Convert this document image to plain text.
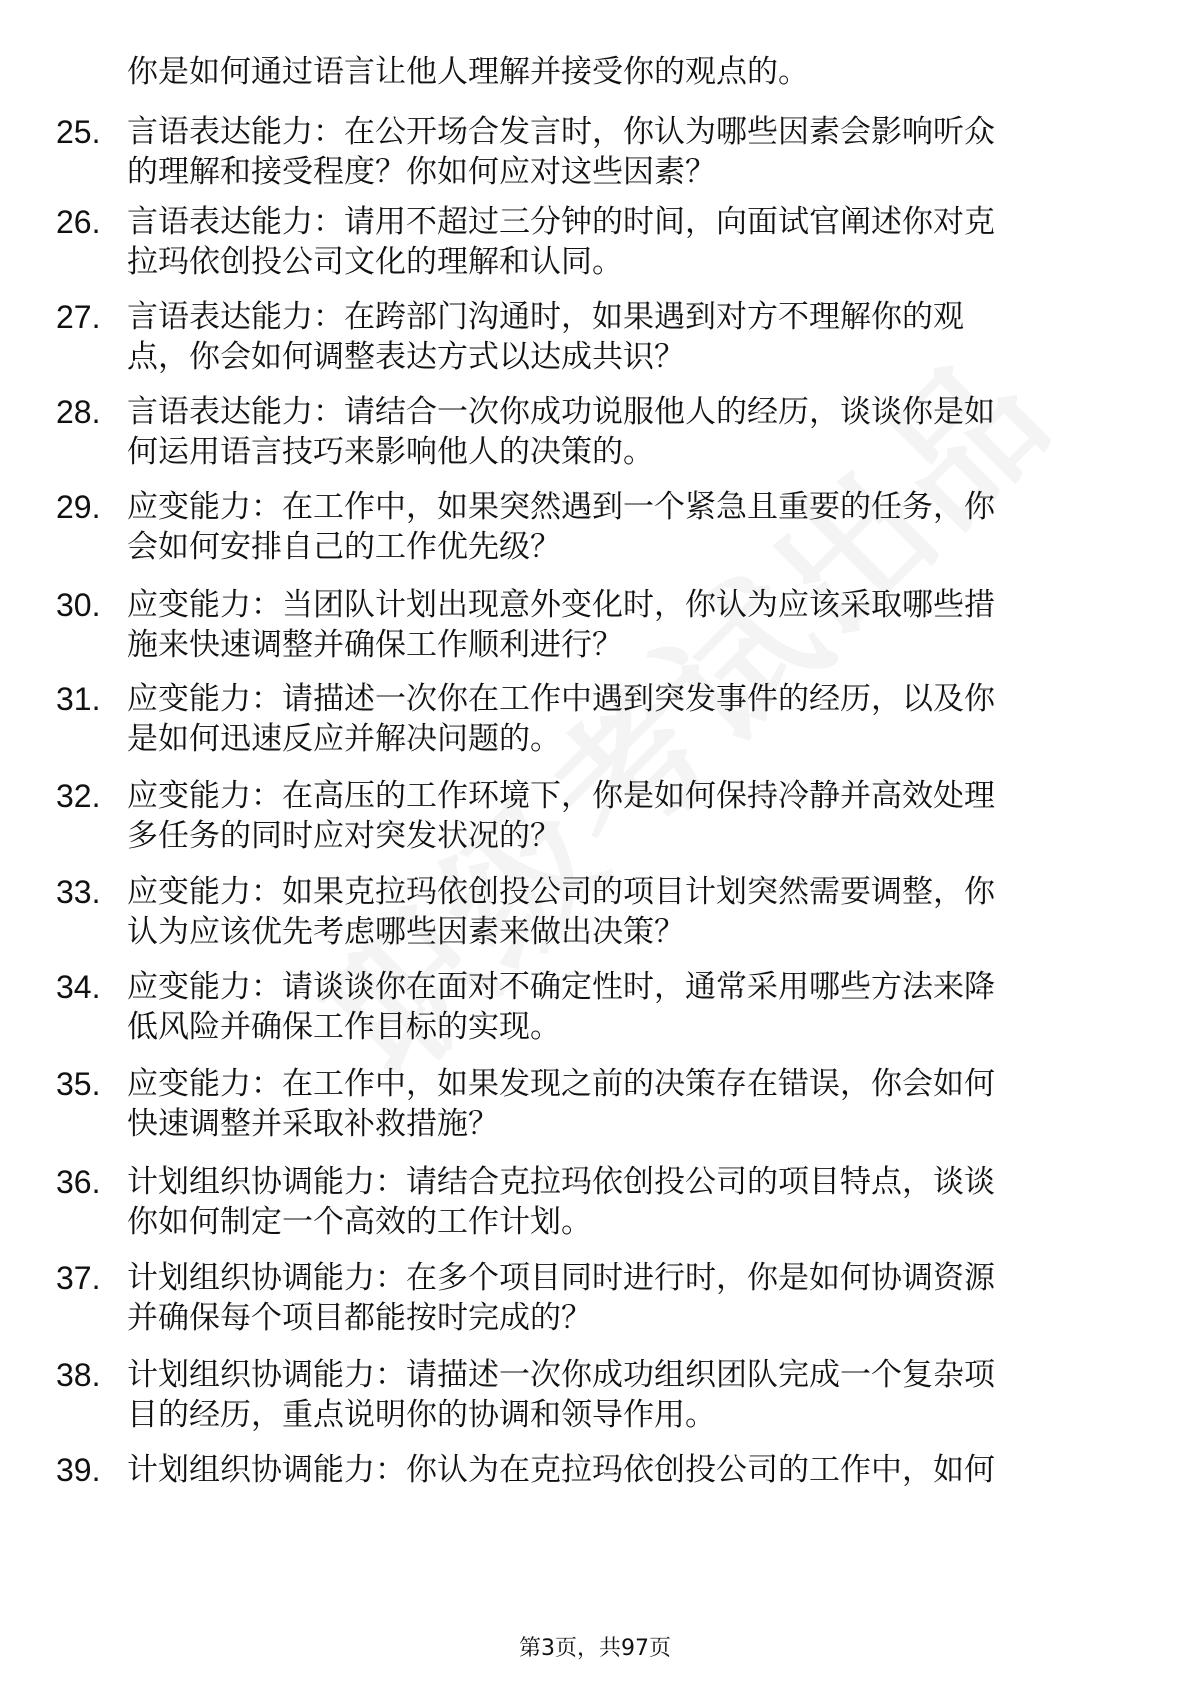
你是如何通过语言让他人理解并接受你的观点的。
25. 言语表达能力：在公开场合发言时，你认为哪些因素会影响听众
的理解和接受程度？你如何应对这些因素？
26. 言语表达能力：请用不超过三分钟的时间，向面试官阐述你对克
拉玛依创投公司文化的理解和认同。
27. 言语表达能力：在跨部门沟通时，如果遇到对方不理解你的观
点，你会如何调整表达方式以达成共识？
28. 言语表达能力：请结合一次你成功说服他人的经历，谈谈你是如
何运用语言技巧来影响他人的决策的。
29. 应变能力：在工作中，如果突然遇到一个紧急且重要的任务，你
会如何安排自己的工作优先级？
30. 应变能力：当团队计划出现意外变化时，你认为应该采取哪些措
施来快速调整并确保工作顺利进行？
31. 应变能力：请描述一次你在工作中遇到突发事件的经历，以及你
是如何迅速反应并解决问题的。
32. 应变能力：在高压的工作环境下，你是如何保持冷静并高效处理
多任务的同时应对突发状况的？
33. 应变能力：如果克拉玛依创投公司的项目计划突然需要调整，你
认为应该优先考虑哪些因素来做出决策？
34. 应变能力：请谈谈你在面对不确定性时，通常采用哪些方法来降
低风险并确保工作目标的实现。
35. 应变能力：在工作中，如果发现之前的决策存在错误，你会如何
快速调整并采取补救措施？
36. 计划组织协调能力：请结合克拉玛依创投公司的项目特点，谈谈
你如何制定一个高效的工作计划。
37. 计划组织协调能力：在多个项目同时进行时，你是如何协调资源
并确保每个项目都能按时完成的？
38. 计划组织协调能力：请描述一次你成功组织团队完成一个复杂项
目的经历，重点说明你的协调和领导作用。
39. 计划组织协调能力：你认为在克拉玛依创投公司的工作中，如何
第3页，共97页
